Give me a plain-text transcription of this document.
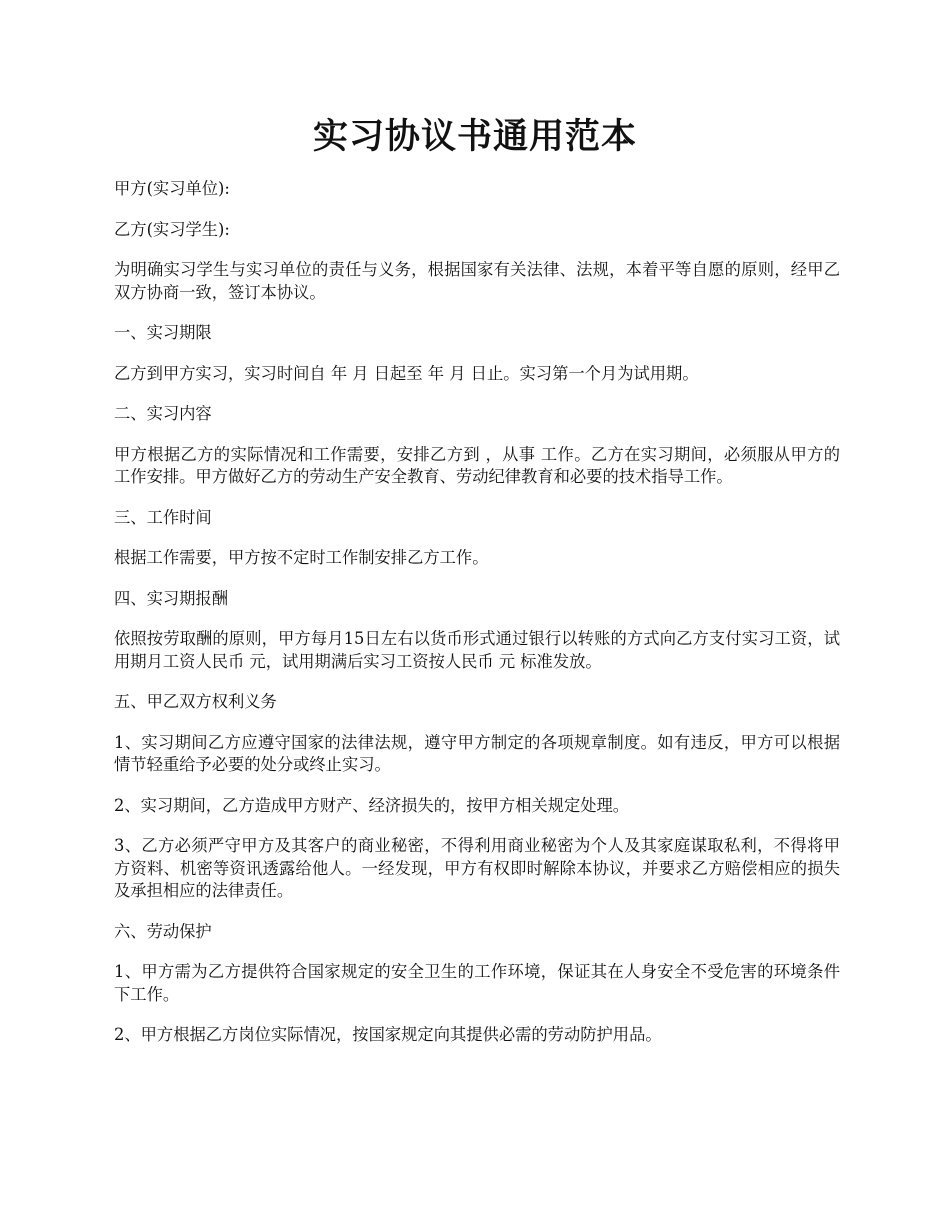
实习协议书通用范本

甲方(实习单位):

乙方(实习学生):

为明确实习学生与实习单位的责任与义务，根据国家有关法律、法规，本着平等自愿的原则，经甲乙双方协商一致，签订本协议。

一、实习期限

乙方到甲方实习，实习时间自 年 月 日起至 年 月 日止。实习第一个月为试用期。

二、实习内容

甲方根据乙方的实际情况和工作需要，安排乙方到 ，从事 工作。乙方在实习期间，必须服从甲方的工作安排。甲方做好乙方的劳动生产安全教育、劳动纪律教育和必要的技术指导工作。

三、工作时间

根据工作需要，甲方按不定时工作制安排乙方工作。

四、实习期报酬

依照按劳取酬的原则，甲方每月15日左右以货币形式通过银行以转账的方式向乙方支付实习工资，试用期月工资人民币 元，试用期满后实习工资按人民币 元 标准发放。

五、甲乙双方权利义务

1、实习期间乙方应遵守国家的法律法规，遵守甲方制定的各项规章制度。如有违反，甲方可以根据情节轻重给予必要的处分或终止实习。

2、实习期间，乙方造成甲方财产、经济损失的，按甲方相关规定处理。

3、乙方必须严守甲方及其客户的商业秘密，不得利用商业秘密为个人及其家庭谋取私利，不得将甲方资料、机密等资讯透露给他人。一经发现，甲方有权即时解除本协议，并要求乙方赔偿相应的损失及承担相应的法律责任。

六、劳动保护

1、甲方需为乙方提供符合国家规定的安全卫生的工作环境，保证其在人身安全不受危害的环境条件下工作。

2、甲方根据乙方岗位实际情况，按国家规定向其提供必需的劳动防护用品。
